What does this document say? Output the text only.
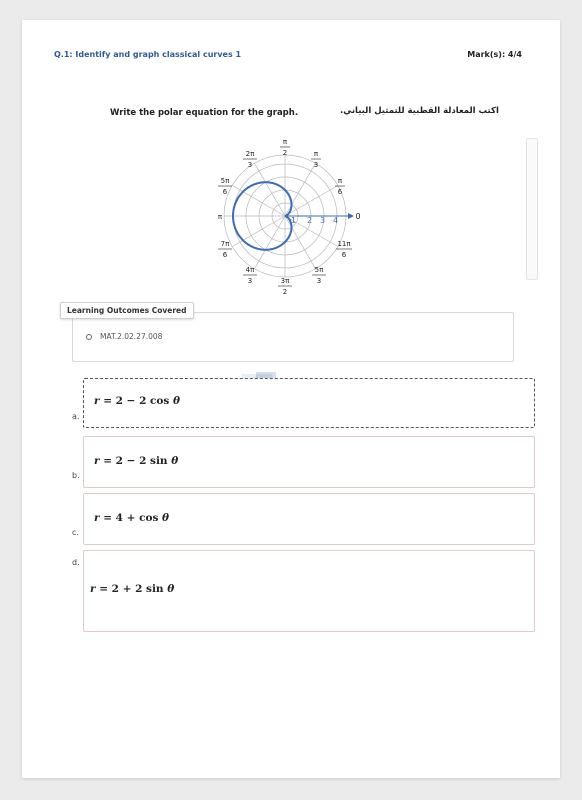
Q.1: Identify and graph classical curves 1	Mark(s): 4/4
Write the polar equation for the graph.	اكتب المعادلة القطبية للتمثيل البياني.
1 2 3 4
π
2
2π
3
π
3
5π
6
π
6
π	0
7π
6
11π
6
4π
3
5π
3
3π
2
Learning Outcomes Covered
MAT.2.02.27.008
a.
r = 2 − 2 cos θ
b.
r = 2 − 2 sin θ
c.
r = 4 + cos θ
d.
r = 2 + 2 sin θ
